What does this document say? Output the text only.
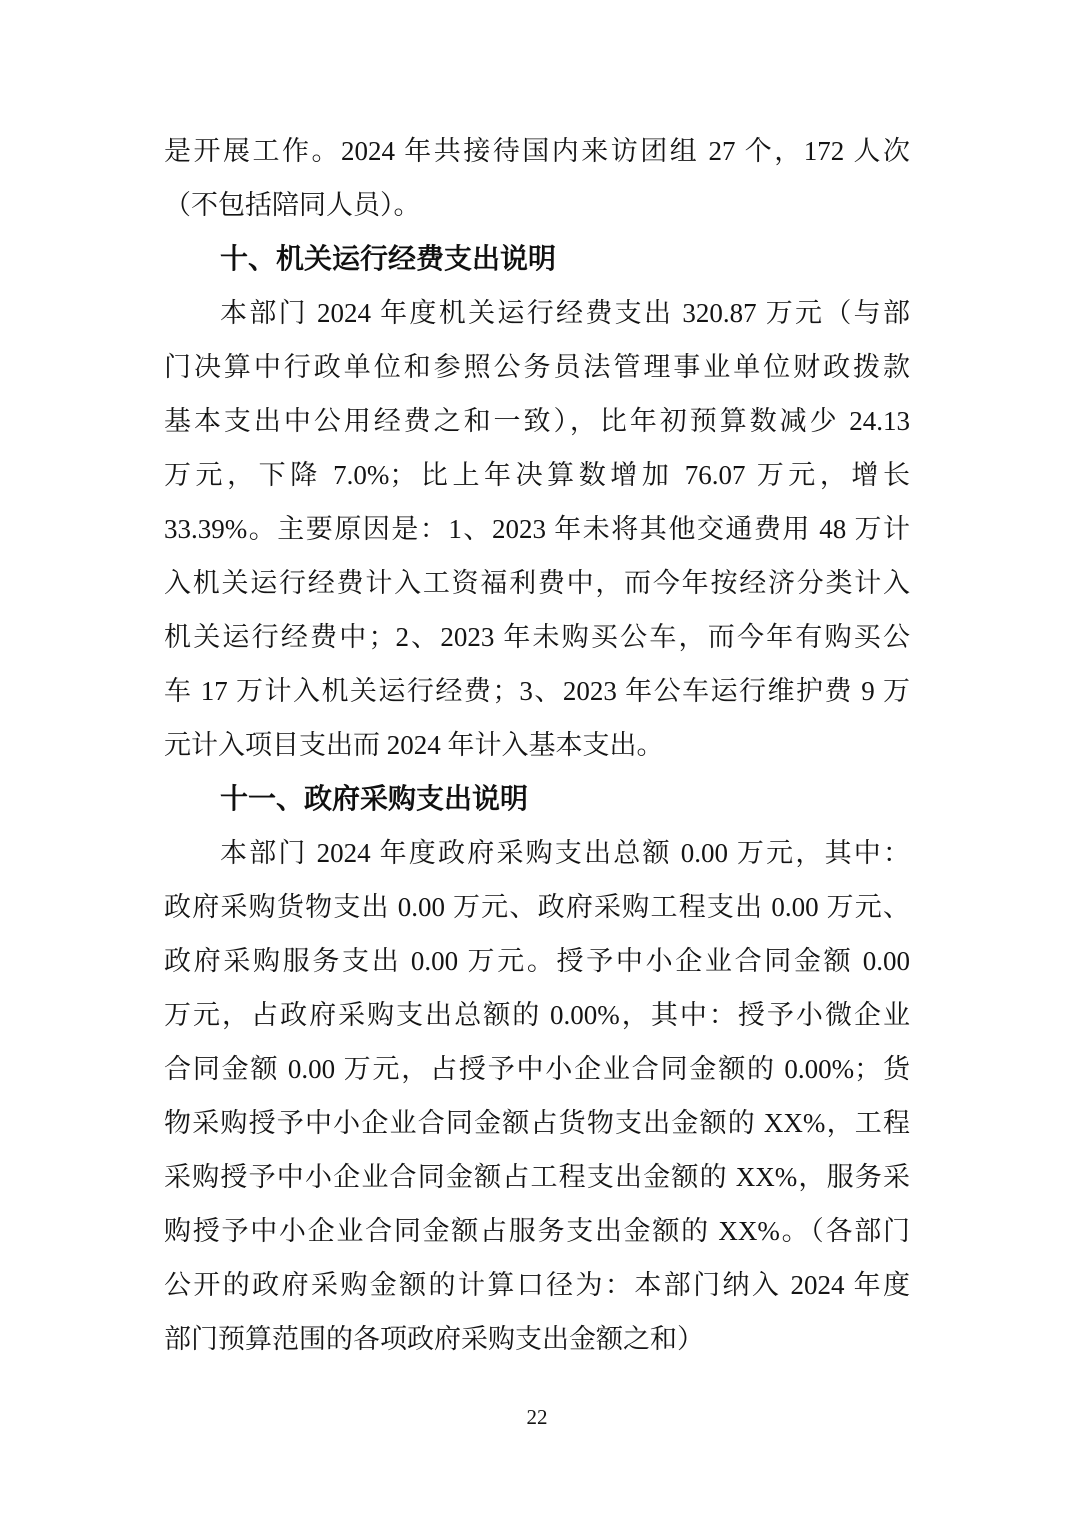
是开展工作。2024 年共接待国内来访团组 27 个，172 人次
（不包括陪同人员）。
十、机关运行经费支出说明
本部门 2024 年度机关运行经费支出 320.87 万元（与部
门决算中行政单位和参照公务员法管理事业单位财政拨款
基本支出中公用经费之和一致），比年初预算数减少 24.13
万元，下降 7.0%；比上年决算数增加 76.07 万元，增长
33.39%。主要原因是：1、2023 年未将其他交通费用 48 万计
入机关运行经费计入工资福利费中，而今年按经济分类计入
机关运行经费中；2、2023 年未购买公车，而今年有购买公
车 17 万计入机关运行经费；3、2023 年公车运行维护费 9 万
元计入项目支出而 2024 年计入基本支出。
十一、政府采购支出说明
本部门 2024 年度政府采购支出总额 0.00 万元，其中：
政府采购货物支出 0.00 万元、政府采购工程支出 0.00 万元、
政府采购服务支出 0.00 万元。授予中小企业合同金额 0.00
万元，占政府采购支出总额的 0.00%，其中：授予小微企业
合同金额 0.00 万元，占授予中小企业合同金额的 0.00%；货
物采购授予中小企业合同金额占货物支出金额的 XX%，工程
采购授予中小企业合同金额占工程支出金额的 XX%，服务采
购授予中小企业合同金额占服务支出金额的 XX%。（各部门
公开的政府采购金额的计算口径为：本部门纳入 2024 年度
部门预算范围的各项政府采购支出金额之和）
22
